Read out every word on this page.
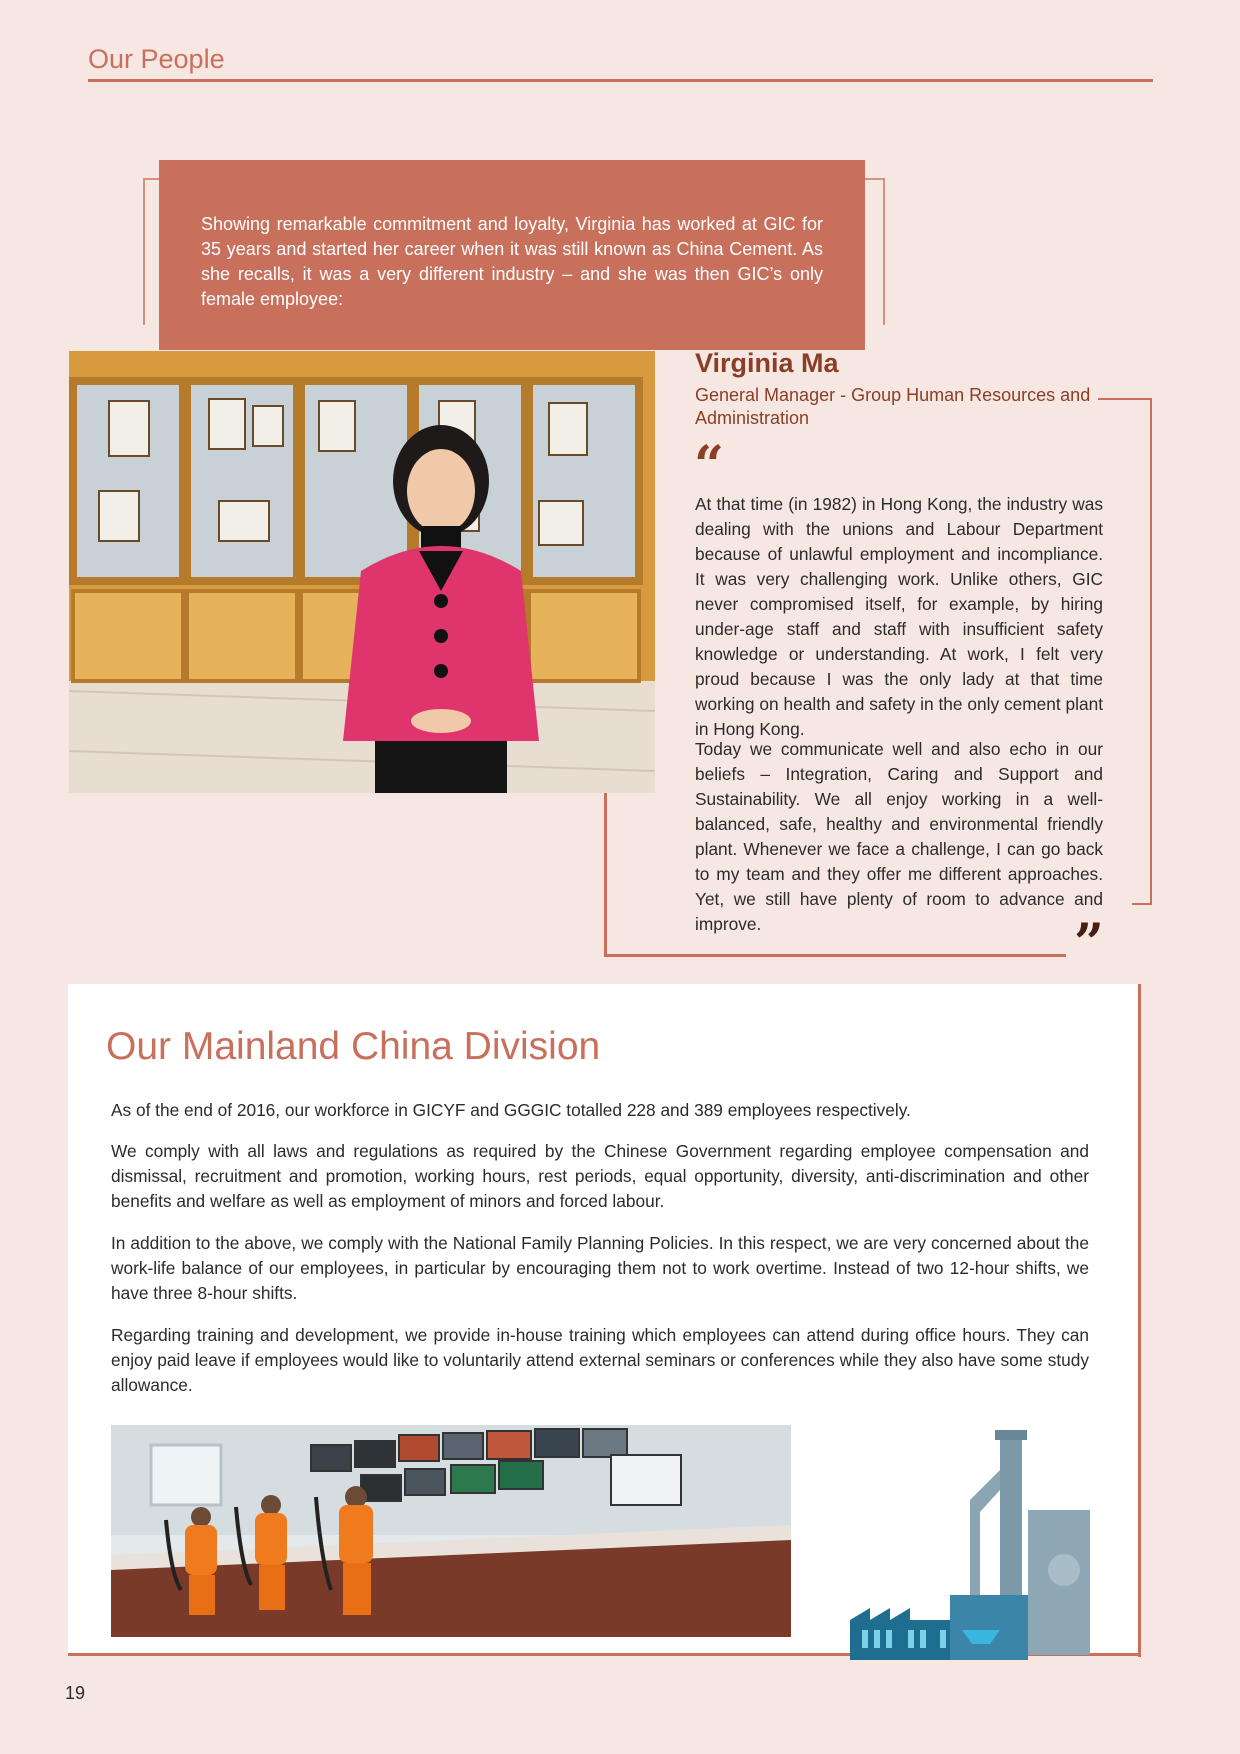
Our People
Showing remarkable commitment and loyalty, Virginia has worked at GIC for 35 years and started her career when it was still known as China Cement. As she recalls, it was a very different industry – and she was then GIC’s only female employee:
Virginia Ma
General Manager - Group Human Resources and Administration
“
At that time (in 1982) in Hong Kong, the industry was dealing with the unions and Labour Department because of unlawful employment and incompliance. It was very challenging work. Unlike others, GIC never compromised itself, for example, by hiring under-age staff and staff with insufficient safety knowledge or understanding. At work, I felt very proud because I was the only lady at that time working on health and safety in the only cement plant in Hong Kong.
Today we communicate well and also echo in our beliefs – Integration, Caring and Support and Sustainability. We all enjoy working in a well-balanced, safe, healthy and environmental friendly plant. Whenever we face a challenge, I can go back to my team and they offer me different approaches. Yet, we still have plenty of room to advance and improve.	”
Our Mainland China Division
As of the end of 2016, our workforce in GICYF and GGGIC totalled 228 and 389 employees respectively.
We comply with all laws and regulations as required by the Chinese Government regarding employee compensation and dismissal, recruitment and promotion, working hours, rest periods, equal opportunity, diversity, anti-discrimination and other benefits and welfare as well as employment of minors and forced labour.
In addition to the above, we comply with the National Family Planning Policies. In this respect, we are very concerned about the work-life balance of our employees, in particular by encouraging them not to work overtime. Instead of two 12-hour shifts, we have three 8-hour shifts.
Regarding training and development, we provide in-house training which employees can attend during office hours. They can enjoy paid leave if employees would like to voluntarily attend external seminars or conferences while they also have some study allowance.
19
